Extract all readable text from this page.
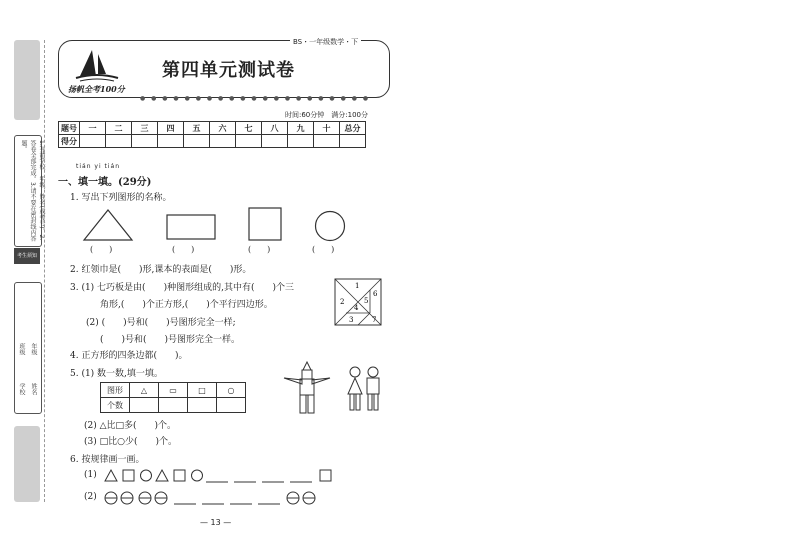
1.写清学校、年级、姓名(或考号)。2.答卷全部完成。3.请不要在密封线内答题。
考生须知
学校
班级
姓名
年级
BS・一年级数学・下
第四单元测试卷
扬帆全考100分
● ● ● ● ● ● ● ● ● ● ● ● ● ● ● ● ● ● ● ● ●
时间:60分钟　满分:100分
题号	一	二	三	四	五	六	七	八	九	十	总分
得分											
tián yi tián
一、填一填。(29分)
1. 写出下列图形的名称。
(　　)	(　　)	(　　)	(　　)
2. 红领巾是(　　)形,课本的表面是(　　)形。
3. (1) 七巧板是由(　　)种图形组成的,其中有(　　)个三
角形,(　　)个正方形,(　　)个平行四边形。
(2) (　　)号和(　　)号图形完全一样;
(　　)号和(　　)号图形完全一样。
1
2
3
4
5
6
7
4. 正方形的四条边都(　　)。
5. (1) 数一数,填一填。
图形	△	▭	□	○
个数				
(2) △比□多(　　)个。
(3) □比○少(　　)个。
6. 按规律画一画。
(1)
(2)
— 13 —
